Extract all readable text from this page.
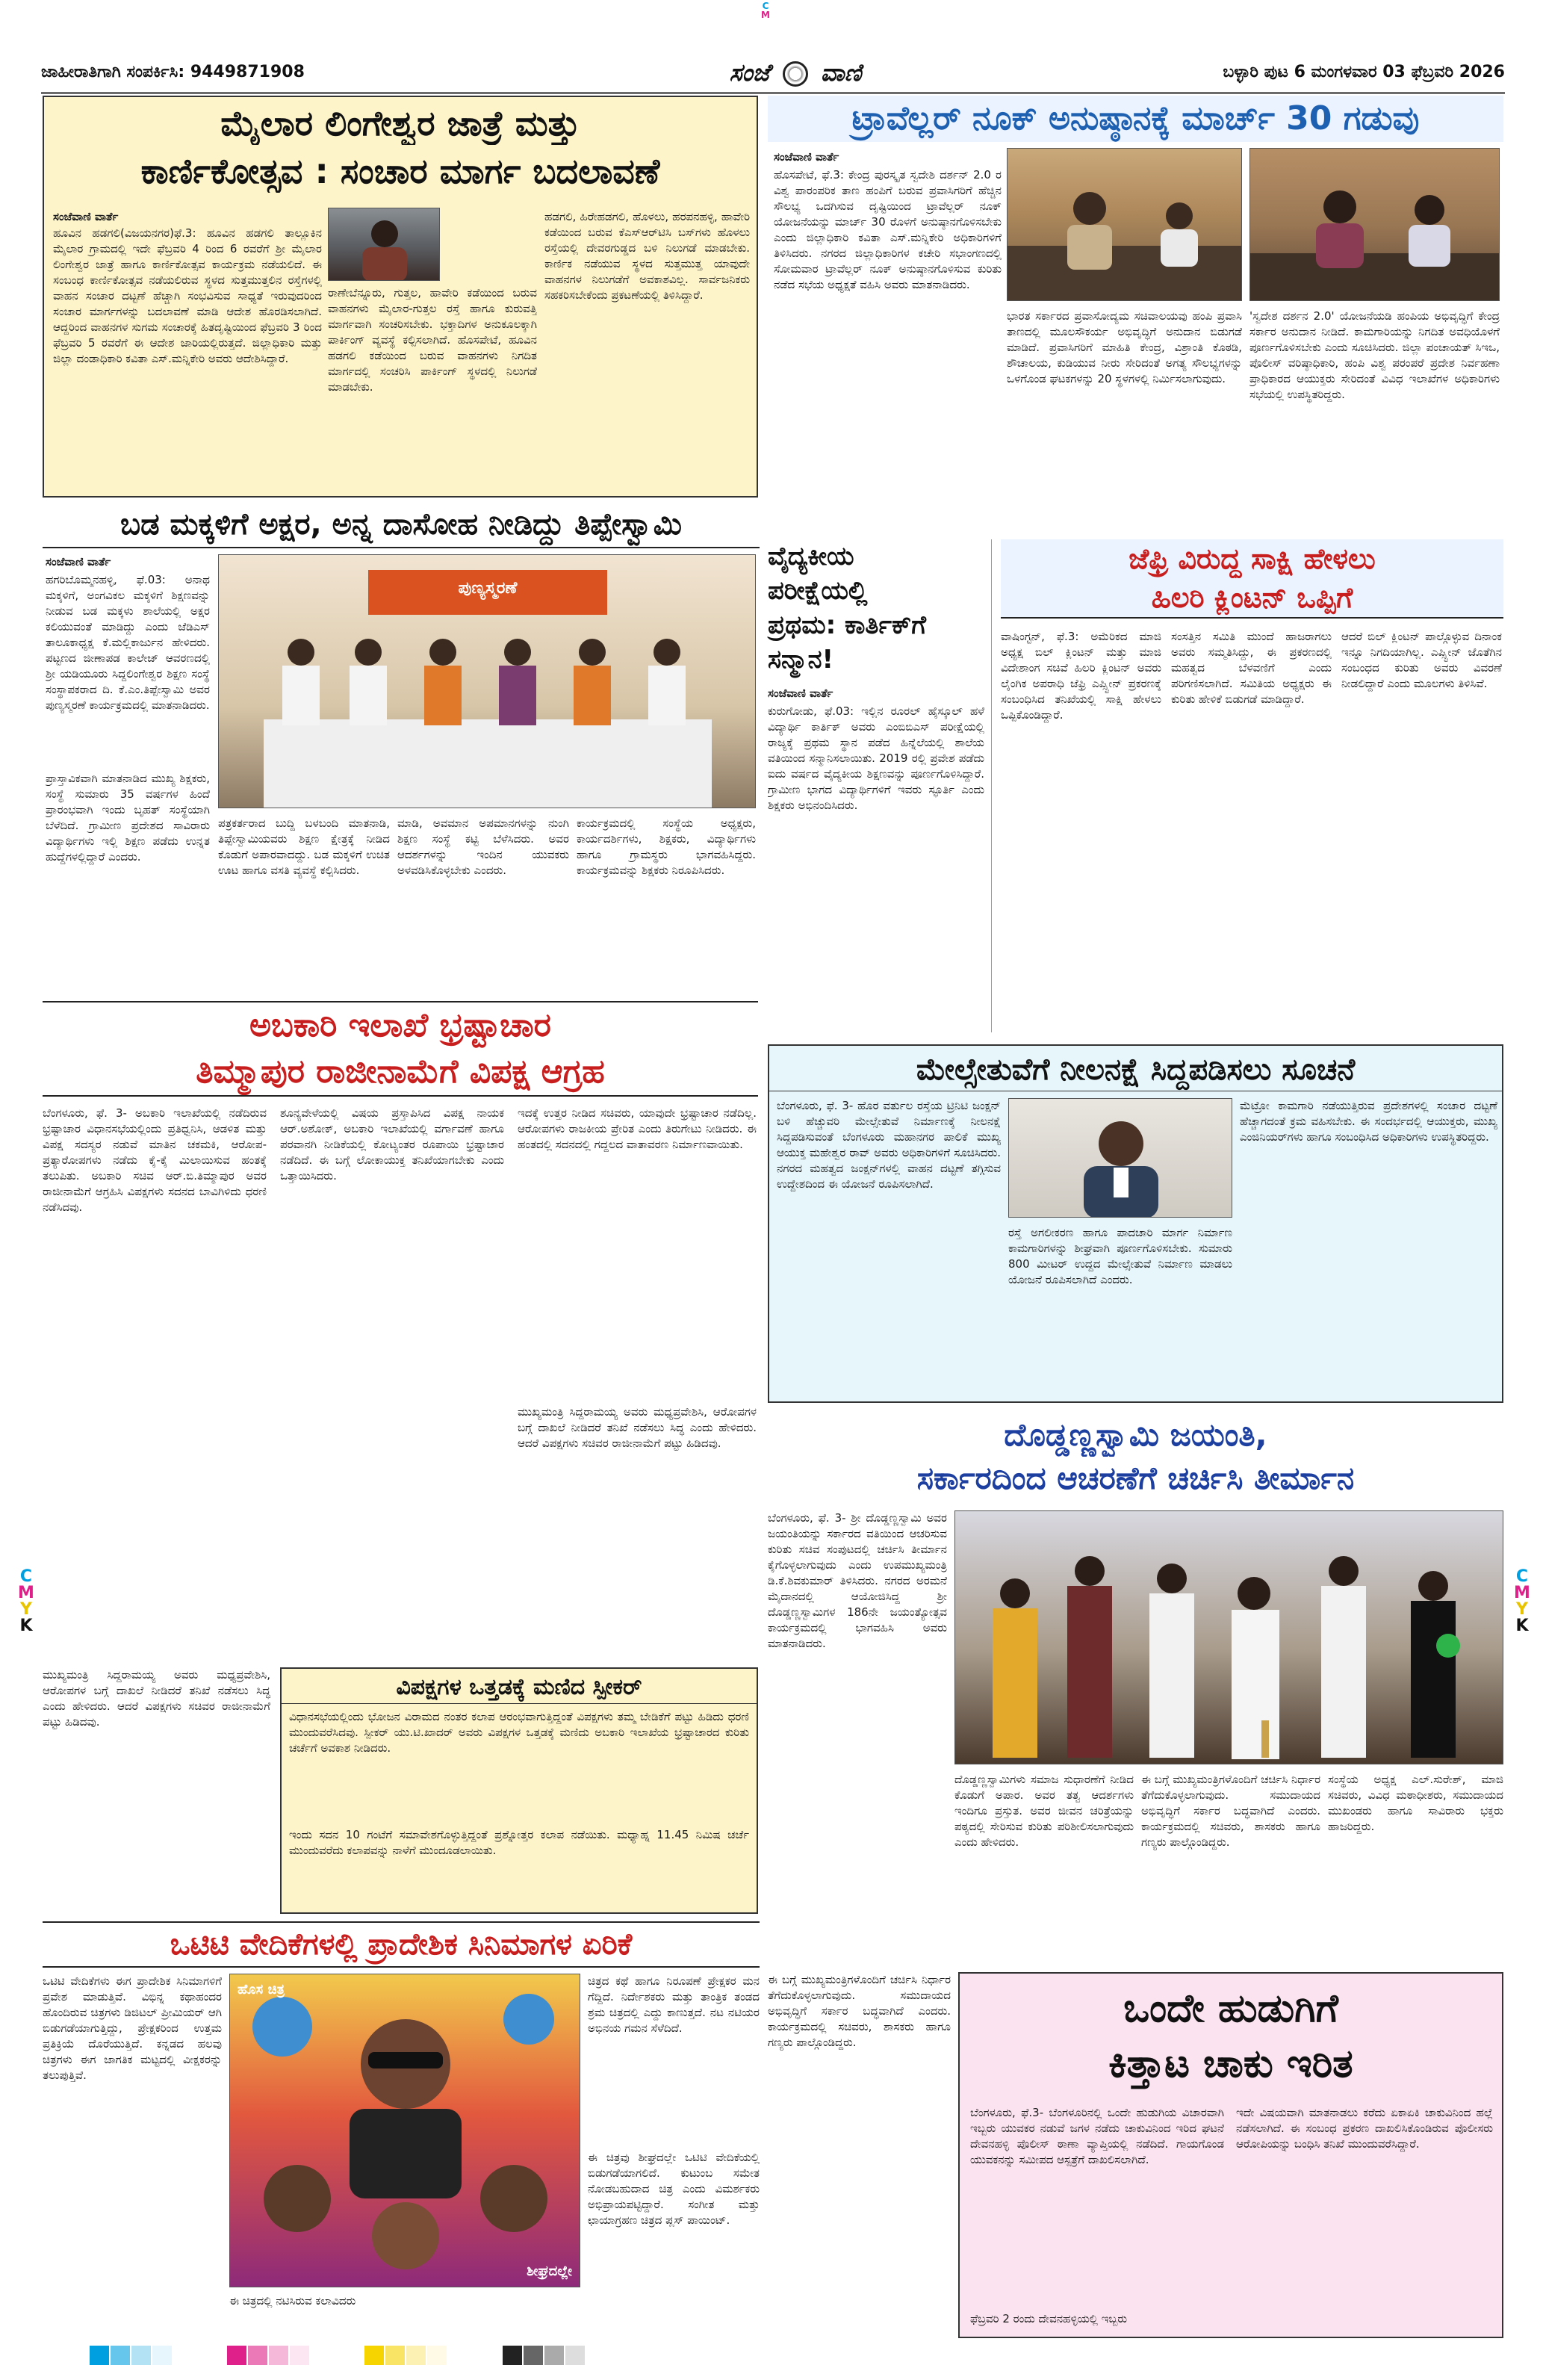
C
M
C
M
Y
K
C
M
Y
K
ಜಾಹೀರಾತಿಗಾಗಿ ಸಂಪರ್ಕಿಸಿ: 9449871908	ಸಂಜೆ ವಾಣಿ	ಬಳ್ಳಾರಿ ಪುಟ 6 ಮಂಗಳವಾರ 03 ಫೆಬ್ರವರಿ 2026
ಮೈಲಾರ ಲಿಂಗೇಶ್ವರ ಜಾತ್ರೆ ಮತ್ತು
ಕಾರ್ಣಿಕೋತ್ಸವ : ಸಂಚಾರ ಮಾರ್ಗ ಬದಲಾವಣೆ
ಸಂಜೆವಾಣಿ ವಾರ್ತೆ
ಹೂವಿನ ಹಡಗಲಿ(ವಿಜಯನಗರ)ಫೆ.3: ಹೂವಿನ ಹಡಗಲಿ ತಾಲ್ಲೂಕಿನ ಮೈಲಾರ ಗ್ರಾಮದಲ್ಲಿ ಇದೇ ಫೆಬ್ರವರಿ 4 ರಿಂದ 6 ರವರೆಗೆ ಶ್ರೀ ಮೈಲಾರ ಲಿಂಗೇಶ್ವರ ಜಾತ್ರೆ ಹಾಗೂ ಕಾರ್ಣಿಕೋತ್ಸವ ಕಾರ್ಯಕ್ರಮ ನಡೆಯಲಿದೆ. ಈ ಸಂಬಂಧ ಕಾರ್ಣಿಕೋತ್ಸವ ನಡೆಯಲಿರುವ ಸ್ಥಳದ ಸುತ್ತಮುತ್ತಲಿನ ರಸ್ತೆಗಳಲ್ಲಿ ವಾಹನ ಸಂಚಾರ ದಟ್ಟಣೆ ಹೆಚ್ಚಾಗಿ ಸಂಭವಿಸುವ ಸಾಧ್ಯತೆ ಇರುವುದರಿಂದ ಸಂಚಾರ ಮಾರ್ಗಗಳನ್ನು ಬದಲಾವಣೆ ಮಾಡಿ ಆದೇಶ ಹೊರಡಿಸಲಾಗಿದೆ. ಆದ್ದರಿಂದ ವಾಹನಗಳ ಸುಗಮ ಸಂಚಾರಕ್ಕೆ ಹಿತದೃಷ್ಟಿಯಿಂದ ಫೆಬ್ರವರಿ 3 ರಿಂದ ಫೆಬ್ರವರಿ 5 ರವರೆಗೆ ಈ ಆದೇಶ ಜಾರಿಯಲ್ಲಿರುತ್ತದೆ. ಜಿಲ್ಲಾಧಿಕಾರಿ ಮತ್ತು ಜಿಲ್ಲಾ ದಂಡಾಧಿಕಾರಿ ಕವಿತಾ ಎಸ್.ಮನ್ನಿಕೇರಿ ಅವರು ಆದೇಶಿಸಿದ್ದಾರೆ.
ರಾಣೇಬೆನ್ನೂರು, ಗುತ್ತಲ, ಹಾವೇರಿ ಕಡೆಯಿಂದ ಬರುವ ವಾಹನಗಳು ಮೈಲಾರ-ಗುತ್ತಲ ರಸ್ತೆ ಹಾಗೂ ಕುರುವತ್ತಿ ಮಾರ್ಗವಾಗಿ ಸಂಚರಿಸಬೇಕು. ಭಕ್ತಾದಿಗಳ ಅನುಕೂಲಕ್ಕಾಗಿ ಪಾರ್ಕಿಂಗ್ ವ್ಯವಸ್ಥೆ ಕಲ್ಪಿಸಲಾಗಿದೆ. ಹೊಸಪೇಟೆ, ಹೂವಿನ ಹಡಗಲಿ ಕಡೆಯಿಂದ ಬರುವ ವಾಹನಗಳು ನಿಗದಿತ ಮಾರ್ಗದಲ್ಲಿ ಸಂಚರಿಸಿ ಪಾರ್ಕಿಂಗ್ ಸ್ಥಳದಲ್ಲಿ ನಿಲುಗಡೆ ಮಾಡಬೇಕು.
ಹಡಗಲಿ, ಹಿರೇಹಡಗಲಿ, ಹೊಳಲು, ಹರಪನಹಳ್ಳಿ, ಹಾವೇರಿ ಕಡೆಯಿಂದ ಬರುವ ಕೆಎಸ್ಆರ್‌ಟಿಸಿ ಬಸ್‌ಗಳು ಹೊಳಲು ರಸ್ತೆಯಲ್ಲಿ ದೇವರಗುಡ್ಡದ ಬಳಿ ನಿಲುಗಡೆ ಮಾಡಬೇಕು. ಕಾರ್ಣಿಕ ನಡೆಯುವ ಸ್ಥಳದ ಸುತ್ತಮುತ್ತ ಯಾವುದೇ ವಾಹನಗಳ ನಿಲುಗಡೆಗೆ ಅವಕಾಶವಿಲ್ಲ. ಸಾರ್ವಜನಿಕರು ಸಹಕರಿಸಬೇಕೆಂದು ಪ್ರಕಟಣೆಯಲ್ಲಿ ತಿಳಿಸಿದ್ದಾರೆ.
ಟ್ರಾವೆಲ್ಲರ್ ನೂಕ್ ಅನುಷ್ಠಾನಕ್ಕೆ ಮಾರ್ಚ್ 30 ಗಡುವು
ಸಂಜೆವಾಣಿ ವಾರ್ತೆ
ಹೊಸಪೇಟೆ, ಫೆ.3: ಕೇಂದ್ರ ಪುರಸ್ಕೃತ ಸ್ವದೇಶಿ ದರ್ಶನ್ 2.0 ರ ವಿಶ್ವ ಪಾರಂಪರಿಕ ತಾಣ ಹಂಪಿಗೆ ಬರುವ ಪ್ರವಾಸಿಗರಿಗೆ ಹೆಚ್ಚಿನ ಸೌಲಭ್ಯ ಒದಗಿಸುವ ದೃಷ್ಟಿಯಿಂದ ಟ್ರಾವೆಲ್ಲರ್ ನೂಕ್ ಯೋಜನೆಯನ್ನು ಮಾರ್ಚ್ 30 ರೊಳಗೆ ಅನುಷ್ಠಾನಗೊಳಿಸಬೇಕು ಎಂದು ಜಿಲ್ಲಾಧಿಕಾರಿ ಕವಿತಾ ಎಸ್.ಮನ್ನಿಕೇರಿ ಅಧಿಕಾರಿಗಳಿಗೆ ತಿಳಿಸಿದರು. ನಗರದ ಜಿಲ್ಲಾಧಿಕಾರಿಗಳ ಕಚೇರಿ ಸಭಾಂಗಣದಲ್ಲಿ ಸೋಮವಾರ ಟ್ರಾವೆಲ್ಲರ್ ನೂಕ್ ಅನುಷ್ಠಾನಗೊಳಿಸುವ ಕುರಿತು ನಡೆದ ಸಭೆಯ ಅಧ್ಯಕ್ಷತೆ ವಹಿಸಿ ಅವರು ಮಾತನಾಡಿದರು.
ಭಾರತ ಸರ್ಕಾರದ ಪ್ರವಾಸೋದ್ಯಮ ಸಚಿವಾಲಯವು ಹಂಪಿ ಪ್ರವಾಸಿ ತಾಣದಲ್ಲಿ ಮೂಲಸೌಕರ್ಯ ಅಭಿವೃದ್ಧಿಗೆ ಅನುದಾನ ಬಿಡುಗಡೆ ಮಾಡಿದೆ. ಪ್ರವಾಸಿಗರಿಗೆ ಮಾಹಿತಿ ಕೇಂದ್ರ, ವಿಶ್ರಾಂತಿ ಕೊಠಡಿ, ಶೌಚಾಲಯ, ಕುಡಿಯುವ ನೀರು ಸೇರಿದಂತೆ ಅಗತ್ಯ ಸೌಲಭ್ಯಗಳನ್ನು ಒಳಗೊಂಡ ಘಟಕಗಳನ್ನು 20 ಸ್ಥಳಗಳಲ್ಲಿ ನಿರ್ಮಿಸಲಾಗುವುದು.
'ಸ್ವದೇಶ ದರ್ಶನ 2.0' ಯೋಜನೆಯಡಿ ಹಂಪಿಯ ಅಭಿವೃದ್ಧಿಗೆ ಕೇಂದ್ರ ಸರ್ಕಾರ ಅನುದಾನ ನೀಡಿದೆ. ಕಾಮಗಾರಿಯನ್ನು ನಿಗದಿತ ಅವಧಿಯೊಳಗೆ ಪೂರ್ಣಗೊಳಿಸಬೇಕು ಎಂದು ಸೂಚಿಸಿದರು. ಜಿಲ್ಲಾ ಪಂಚಾಯತ್ ಸಿಇಒ, ಪೊಲೀಸ್ ವರಿಷ್ಠಾಧಿಕಾರಿ, ಹಂಪಿ ವಿಶ್ವ ಪರಂಪರೆ ಪ್ರದೇಶ ನಿರ್ವಹಣಾ ಪ್ರಾಧಿಕಾರದ ಆಯುಕ್ತರು ಸೇರಿದಂತೆ ವಿವಿಧ ಇಲಾಖೆಗಳ ಅಧಿಕಾರಿಗಳು ಸಭೆಯಲ್ಲಿ ಉಪಸ್ಥಿತರಿದ್ದರು.
ಬಡ ಮಕ್ಕಳಿಗೆ ಅಕ್ಷರ, ಅನ್ನ ದಾಸೋಹ ನೀಡಿದ್ದು ತಿಪ್ಪೇಸ್ವಾಮಿ
ಸಂಜೆವಾಣಿ ವಾರ್ತೆ
ಹಗರಿಬೊಮ್ಮನಹಳ್ಳಿ, ಫೆ.03: ಅನಾಥ ಮಕ್ಕಳಿಗೆ, ಅಂಗವಿಕಲ ಮಕ್ಕಳಿಗೆ ಶಿಕ್ಷಣವನ್ನು ನೀಡುವ ಬಡ ಮಕ್ಕಳು ಶಾಲೆಯಲ್ಲಿ ಅಕ್ಷರ ಕಲಿಯುವಂತೆ ಮಾಡಿದ್ದು ಎಂದು ಜೆಡಿಎಸ್ ತಾಲೂಕಾಧ್ಯಕ್ಷ ಕೆ.ಮಲ್ಲಿಕಾರ್ಜುನ ಹೇಳಿದರು. ಪಟ್ಟಣದ ಜೀಣಾಪಡ ಕಾಲೇಜ್ ಆವರಣದಲ್ಲಿ ಶ್ರೀ ಯಡಿಯೂರು ಸಿದ್ದಲಿಂಗೇಶ್ವರ ಶಿಕ್ಷಣ ಸಂಸ್ಥೆ ಸಂಸ್ಥಾಪಕರಾದ ದಿ. ಕೆ.ಎಂ.ತಿಪ್ಪೇಸ್ವಾಮಿ ಅವರ ಪುಣ್ಯಸ್ಮರಣೆ ಕಾರ್ಯಕ್ರಮದಲ್ಲಿ ಮಾತನಾಡಿದರು.
ಪ್ರಾಸ್ತಾವಿಕವಾಗಿ ಮಾತನಾಡಿದ ಮುಖ್ಯ ಶಿಕ್ಷಕರು, ಸಂಸ್ಥೆ ಸುಮಾರು 35 ವರ್ಷಗಳ ಹಿಂದೆ ಪ್ರಾರಂಭವಾಗಿ ಇಂದು ಬೃಹತ್ ಸಂಸ್ಥೆಯಾಗಿ ಬೆಳೆದಿದೆ. ಗ್ರಾಮೀಣ ಪ್ರದೇಶದ ಸಾವಿರಾರು ವಿದ್ಯಾರ್ಥಿಗಳು ಇಲ್ಲಿ ಶಿಕ್ಷಣ ಪಡೆದು ಉನ್ನತ ಹುದ್ದೆಗಳಲ್ಲಿದ್ದಾರೆ ಎಂದರು.
ಪುಣ್ಯಸ್ಮರಣೆ
ಪತ್ರಕರ್ತರಾದ ಬುದ್ದಿ ಬಳಬಂದಿ ಮಾತನಾಡಿ, ತಿಪ್ಪೇಸ್ವಾಮಿಯವರು ಶಿಕ್ಷಣ ಕ್ಷೇತ್ರಕ್ಕೆ ನೀಡಿದ ಕೊಡುಗೆ ಅಪಾರವಾದದ್ದು. ಬಡ ಮಕ್ಕಳಿಗೆ ಉಚಿತ ಊಟ ಹಾಗೂ ವಸತಿ ವ್ಯವಸ್ಥೆ ಕಲ್ಪಿಸಿದರು.
ಮಾಡಿ, ಅವಮಾನ ಅಪಮಾನಗಳನ್ನು ನುಂಗಿ ಶಿಕ್ಷಣ ಸಂಸ್ಥೆ ಕಟ್ಟಿ ಬೆಳೆಸಿದರು. ಅವರ ಆದರ್ಶಗಳನ್ನು ಇಂದಿನ ಯುವಕರು ಅಳವಡಿಸಿಕೊಳ್ಳಬೇಕು ಎಂದರು.
ಕಾರ್ಯಕ್ರಮದಲ್ಲಿ ಸಂಸ್ಥೆಯ ಅಧ್ಯಕ್ಷರು, ಕಾರ್ಯದರ್ಶಿಗಳು, ಶಿಕ್ಷಕರು, ವಿದ್ಯಾರ್ಥಿಗಳು ಹಾಗೂ ಗ್ರಾಮಸ್ಥರು ಭಾಗವಹಿಸಿದ್ದರು. ಕಾರ್ಯಕ್ರಮವನ್ನು ಶಿಕ್ಷಕರು ನಿರೂಪಿಸಿದರು.
ವೈದ್ಯಕೀಯ
ಪರೀಕ್ಷೆಯಲ್ಲಿ
ಪ್ರಥಮ: ಕಾರ್ತಿಕ್‌ಗೆ
ಸನ್ಮಾನ!
ಸಂಜೆವಾಣಿ ವಾರ್ತೆ
ಕುರುಗೋಡು, ಫೆ.03: ಇಲ್ಲಿನ ರೂರಲ್ ಹೈಸ್ಕೂಲ್ ಹಳೆ ವಿದ್ಯಾರ್ಥಿ ಕಾರ್ತಿಕ್ ಅವರು ಎಂಬಿಬಿಎಸ್ ಪರೀಕ್ಷೆಯಲ್ಲಿ ರಾಜ್ಯಕ್ಕೆ ಪ್ರಥಮ ಸ್ಥಾನ ಪಡೆದ ಹಿನ್ನೆಲೆಯಲ್ಲಿ ಶಾಲೆಯ ವತಿಯಿಂದ ಸನ್ಮಾನಿಸಲಾಯಿತು. 2019 ರಲ್ಲಿ ಪ್ರವೇಶ ಪಡೆದು ಐದು ವರ್ಷದ ವೈದ್ಯಕೀಯ ಶಿಕ್ಷಣವನ್ನು ಪೂರ್ಣಗೊಳಿಸಿದ್ದಾರೆ. ಗ್ರಾಮೀಣ ಭಾಗದ ವಿದ್ಯಾರ್ಥಿಗಳಿಗೆ ಇವರು ಸ್ಫೂರ್ತಿ ಎಂದು ಶಿಕ್ಷಕರು ಅಭಿನಂದಿಸಿದರು.
ಜೆಫ್ರಿ ವಿರುದ್ಧ ಸಾಕ್ಷಿ ಹೇಳಲು
ಹಿಲರಿ ಕ್ಲಿಂಟನ್ ಒಪ್ಪಿಗೆ
ವಾಷಿಂಗ್ಟನ್, ಫೆ.3: ಅಮೆರಿಕದ ಮಾಜಿ ಅಧ್ಯಕ್ಷ ಬಿಲ್ ಕ್ಲಿಂಟನ್ ಮತ್ತು ಮಾಜಿ ವಿದೇಶಾಂಗ ಸಚಿವೆ ಹಿಲರಿ ಕ್ಲಿಂಟನ್ ಅವರು ಲೈಂಗಿಕ ಅಪರಾಧಿ ಜೆಫ್ರಿ ಎಪ್ಸ್ಟೀನ್ ಪ್ರಕರಣಕ್ಕೆ ಸಂಬಂಧಿಸಿದ ತನಿಖೆಯಲ್ಲಿ ಸಾಕ್ಷಿ ಹೇಳಲು ಒಪ್ಪಿಕೊಂಡಿದ್ದಾರೆ.
ಸಂಸತ್ತಿನ ಸಮಿತಿ ಮುಂದೆ ಹಾಜರಾಗಲು ಅವರು ಸಮ್ಮತಿಸಿದ್ದು, ಈ ಪ್ರಕರಣದಲ್ಲಿ ಮಹತ್ವದ ಬೆಳವಣಿಗೆ ಎಂದು ಪರಿಗಣಿಸಲಾಗಿದೆ. ಸಮಿತಿಯ ಅಧ್ಯಕ್ಷರು ಈ ಕುರಿತು ಹೇಳಿಕೆ ಬಿಡುಗಡೆ ಮಾಡಿದ್ದಾರೆ.
ಆದರೆ ಬಿಲ್ ಕ್ಲಿಂಟನ್ ಪಾಲ್ಗೊಳ್ಳುವ ದಿನಾಂಕ ಇನ್ನೂ ನಿಗದಿಯಾಗಿಲ್ಲ. ಎಪ್ಸ್ಟೀನ್ ಜೊತೆಗಿನ ಸಂಬಂಧದ ಕುರಿತು ಅವರು ವಿವರಣೆ ನೀಡಲಿದ್ದಾರೆ ಎಂದು ಮೂಲಗಳು ತಿಳಿಸಿವೆ.
ಅಬಕಾರಿ ಇಲಾಖೆ ಭ್ರಷ್ಟಾಚಾರ
ತಿಮ್ಮಾಪುರ ರಾಜೀನಾಮೆಗೆ ವಿಪಕ್ಷ ಆಗ್ರಹ
ಬೆಂಗಳೂರು, ಫೆ. 3- ಅಬಕಾರಿ ಇಲಾಖೆಯಲ್ಲಿ ನಡೆದಿರುವ ಭ್ರಷ್ಟಾಚಾರ ವಿಧಾನಸಭೆಯಲ್ಲಿಂದು ಪ್ರತಿಧ್ವನಿಸಿ, ಆಡಳಿತ ಮತ್ತು ವಿಪಕ್ಷ ಸದಸ್ಯರ ನಡುವೆ ಮಾತಿನ ಚಕಮಕಿ, ಆರೋಪ-ಪ್ರತ್ಯಾರೋಪಗಳು ನಡೆದು ಕೈ-ಕೈ ಮಿಲಾಯಿಸುವ ಹಂತಕ್ಕೆ ತಲುಪಿತು. ಅಬಕಾರಿ ಸಚಿವ ಆರ್.ಬಿ.ತಿಮ್ಮಾಪುರ ಅವರ ರಾಜೀನಾಮೆಗೆ ಆಗ್ರಹಿಸಿ ವಿಪಕ್ಷಗಳು ಸದನದ ಬಾವಿಗಿಳಿದು ಧರಣಿ ನಡೆಸಿದವು.
ಶೂನ್ಯವೇಳೆಯಲ್ಲಿ ವಿಷಯ ಪ್ರಸ್ತಾಪಿಸಿದ ವಿಪಕ್ಷ ನಾಯಕ ಆರ್.ಅಶೋಕ್, ಅಬಕಾರಿ ಇಲಾಖೆಯಲ್ಲಿ ವರ್ಗಾವಣೆ ಹಾಗೂ ಪರವಾನಗಿ ನೀಡಿಕೆಯಲ್ಲಿ ಕೋಟ್ಯಂತರ ರೂಪಾಯಿ ಭ್ರಷ್ಟಾಚಾರ ನಡೆದಿದೆ. ಈ ಬಗ್ಗೆ ಲೋಕಾಯುಕ್ತ ತನಿಖೆಯಾಗಬೇಕು ಎಂದು ಒತ್ತಾಯಿಸಿದರು.
ಇದಕ್ಕೆ ಉತ್ತರ ನೀಡಿದ ಸಚಿವರು, ಯಾವುದೇ ಭ್ರಷ್ಟಾಚಾರ ನಡೆದಿಲ್ಲ. ಆರೋಪಗಳು ರಾಜಕೀಯ ಪ್ರೇರಿತ ಎಂದು ತಿರುಗೇಟು ನೀಡಿದರು. ಈ ಹಂತದಲ್ಲಿ ಸದನದಲ್ಲಿ ಗದ್ದಲದ ವಾತಾವರಣ ನಿರ್ಮಾಣವಾಯಿತು.
ಮುಖ್ಯಮಂತ್ರಿ ಸಿದ್ದರಾಮಯ್ಯ ಅವರು ಮಧ್ಯಪ್ರವೇಶಿಸಿ, ಆರೋಪಗಳ ಬಗ್ಗೆ ದಾಖಲೆ ನೀಡಿದರೆ ತನಿಖೆ ನಡೆಸಲು ಸಿದ್ಧ ಎಂದು ಹೇಳಿದರು. ಆದರೆ ವಿಪಕ್ಷಗಳು ಸಚಿವರ ರಾಜೀನಾಮೆಗೆ ಪಟ್ಟು ಹಿಡಿದವು.
ವಿಪಕ್ಷಗಳ ಒತ್ತಡಕ್ಕೆ ಮಣಿದ ಸ್ಪೀಕರ್
ವಿಧಾನಸಭೆಯಲ್ಲಿಂದು ಭೋಜನ ವಿರಾಮದ ನಂತರ ಕಲಾಪ ಆರಂಭವಾಗುತ್ತಿದ್ದಂತೆ ವಿಪಕ್ಷಗಳು ತಮ್ಮ ಬೇಡಿಕೆಗೆ ಪಟ್ಟು ಹಿಡಿದು ಧರಣಿ ಮುಂದುವರೆಸಿದವು. ಸ್ಪೀಕರ್ ಯು.ಟಿ.ಖಾದರ್ ಅವರು ವಿಪಕ್ಷಗಳ ಒತ್ತಡಕ್ಕೆ ಮಣಿದು ಅಬಕಾರಿ ಇಲಾಖೆಯ ಭ್ರಷ್ಟಾಚಾರದ ಕುರಿತು ಚರ್ಚೆಗೆ ಅವಕಾಶ ನೀಡಿದರು.
ಇಂದು ಸದನ 10 ಗಂಟೆಗೆ ಸಮಾವೇಶಗೊಳ್ಳುತ್ತಿದ್ದಂತೆ ಪ್ರಶ್ನೋತ್ತರ ಕಲಾಪ ನಡೆಯಿತು. ಮಧ್ಯಾಹ್ನ 11.45 ನಿಮಿಷ ಚರ್ಚೆ ಮುಂದುವರೆದು ಕಲಾಪವನ್ನು ನಾಳೆಗೆ ಮುಂದೂಡಲಾಯಿತು.
ಮುಖ್ಯಮಂತ್ರಿ ಸಿದ್ದರಾಮಯ್ಯ ಅವರು ಮಧ್ಯಪ್ರವೇಶಿಸಿ, ಆರೋಪಗಳ ಬಗ್ಗೆ ದಾಖಲೆ ನೀಡಿದರೆ ತನಿಖೆ ನಡೆಸಲು ಸಿದ್ಧ ಎಂದು ಹೇಳಿದರು. ಆದರೆ ವಿಪಕ್ಷಗಳು ಸಚಿವರ ರಾಜೀನಾಮೆಗೆ ಪಟ್ಟು ಹಿಡಿದವು.
ಮೇಲ್ಸೇತುವೆಗೆ ನೀಲನಕ್ಷೆ ಸಿದ್ದಪಡಿಸಲು ಸೂಚನೆ
ಬೆಂಗಳೂರು, ಫೆ. 3- ಹೊರ ವರ್ತುಲ ರಸ್ತೆಯ ಟ್ರಿನಿಟಿ ಜಂಕ್ಷನ್ ಬಳಿ ಹೆಚ್ಚುವರಿ ಮೇಲ್ಸೇತುವೆ ನಿರ್ಮಾಣಕ್ಕೆ ನೀಲನಕ್ಷೆ ಸಿದ್ದಪಡಿಸುವಂತೆ ಬೆಂಗಳೂರು ಮಹಾನಗರ ಪಾಲಿಕೆ ಮುಖ್ಯ ಆಯುಕ್ತ ಮಹೇಶ್ವರ ರಾವ್ ಅವರು ಅಧಿಕಾರಿಗಳಿಗೆ ಸೂಚಿಸಿದರು. ನಗರದ ಮಹತ್ವದ ಜಂಕ್ಷನ್‌ಗಳಲ್ಲಿ ವಾಹನ ದಟ್ಟಣೆ ತಗ್ಗಿಸುವ ಉದ್ದೇಶದಿಂದ ಈ ಯೋಜನೆ ರೂಪಿಸಲಾಗಿದೆ.
ರಸ್ತೆ ಅಗಲೀಕರಣ ಹಾಗೂ ಪಾದಚಾರಿ ಮಾರ್ಗ ನಿರ್ಮಾಣ ಕಾಮಗಾರಿಗಳನ್ನು ಶೀಘ್ರವಾಗಿ ಪೂರ್ಣಗೊಳಿಸಬೇಕು. ಸುಮಾರು 800 ಮೀಟರ್ ಉದ್ದದ ಮೇಲ್ಸೇತುವೆ ನಿರ್ಮಾಣ ಮಾಡಲು ಯೋಜನೆ ರೂಪಿಸಲಾಗಿದೆ ಎಂದರು.
ಮೆಟ್ರೋ ಕಾಮಗಾರಿ ನಡೆಯುತ್ತಿರುವ ಪ್ರದೇಶಗಳಲ್ಲಿ ಸಂಚಾರ ದಟ್ಟಣೆ ಹೆಚ್ಚಾಗದಂತೆ ಕ್ರಮ ವಹಿಸಬೇಕು. ಈ ಸಂದರ್ಭದಲ್ಲಿ ಆಯುಕ್ತರು, ಮುಖ್ಯ ಎಂಜಿನಿಯರ್‌ಗಳು ಹಾಗೂ ಸಂಬಂಧಿಸಿದ ಅಧಿಕಾರಿಗಳು ಉಪಸ್ಥಿತರಿದ್ದರು.
ದೊಡ್ಡಣ್ಣಸ್ವಾಮಿ ಜಯಂತಿ,
ಸರ್ಕಾರದಿಂದ ಆಚರಣೆಗೆ ಚರ್ಚಿಸಿ ತೀರ್ಮಾನ
ಬೆಂಗಳೂರು, ಫೆ. 3- ಶ್ರೀ ದೊಡ್ಡಣ್ಣಸ್ವಾಮಿ ಅವರ ಜಯಂತಿಯನ್ನು ಸರ್ಕಾರದ ವತಿಯಿಂದ ಆಚರಿಸುವ ಕುರಿತು ಸಚಿವ ಸಂಪುಟದಲ್ಲಿ ಚರ್ಚಿಸಿ ತೀರ್ಮಾನ ಕೈಗೊಳ್ಳಲಾಗುವುದು ಎಂದು ಉಪಮುಖ್ಯಮಂತ್ರಿ ಡಿ.ಕೆ.ಶಿವಕುಮಾರ್ ತಿಳಿಸಿದರು. ನಗರದ ಅರಮನೆ ಮೈದಾನದಲ್ಲಿ ಆಯೋಜಿಸಿದ್ದ ಶ್ರೀ ದೊಡ್ಡಣ್ಣಸ್ವಾಮಿಗಳ 186ನೇ ಜಯಂತ್ಯೋತ್ಸವ ಕಾರ್ಯಕ್ರಮದಲ್ಲಿ ಭಾಗವಹಿಸಿ ಅವರು ಮಾತನಾಡಿದರು.
ದೊಡ್ಡಣ್ಣಸ್ವಾಮಿಗಳು ಸಮಾಜ ಸುಧಾರಣೆಗೆ ನೀಡಿದ ಕೊಡುಗೆ ಅಪಾರ. ಅವರ ತತ್ವ ಆದರ್ಶಗಳು ಇಂದಿಗೂ ಪ್ರಸ್ತುತ. ಅವರ ಜೀವನ ಚರಿತ್ರೆಯನ್ನು ಪಠ್ಯದಲ್ಲಿ ಸೇರಿಸುವ ಕುರಿತು ಪರಿಶೀಲಿಸಲಾಗುವುದು ಎಂದು ಹೇಳಿದರು.
ಈ ಬಗ್ಗೆ ಮುಖ್ಯಮಂತ್ರಿಗಳೊಂದಿಗೆ ಚರ್ಚಿಸಿ ನಿರ್ಧಾರ ತೆಗೆದುಕೊಳ್ಳಲಾಗುವುದು. ಸಮುದಾಯದ ಅಭಿವೃದ್ಧಿಗೆ ಸರ್ಕಾರ ಬದ್ಧವಾಗಿದೆ ಎಂದರು. ಕಾರ್ಯಕ್ರಮದಲ್ಲಿ ಸಚಿವರು, ಶಾಸಕರು ಹಾಗೂ ಗಣ್ಯರು ಪಾಲ್ಗೊಂಡಿದ್ದರು.
ಸಂಸ್ಥೆಯ ಅಧ್ಯಕ್ಷ ಎಲ್.ಸುರೇಶ್, ಮಾಜಿ ಸಚಿವರು, ವಿವಿಧ ಮಠಾಧೀಶರು, ಸಮುದಾಯದ ಮುಖಂಡರು ಹಾಗೂ ಸಾವಿರಾರು ಭಕ್ತರು ಹಾಜರಿದ್ದರು.
ಒಟಿಟಿ ವೇದಿಕೆಗಳಲ್ಲಿ ಪ್ರಾದೇಶಿಕ ಸಿನಿಮಾಗಳ ಏರಿಕೆ
ಒಟಿಟಿ ವೇದಿಕೆಗಳು ಈಗ ಪ್ರಾದೇಶಿಕ ಸಿನಿಮಾಗಳಿಗೆ ಪ್ರವೇಶ ಮಾಡುತ್ತಿವೆ. ವಿಭಿನ್ನ ಕಥಾಹಂದರ ಹೊಂದಿರುವ ಚಿತ್ರಗಳು ಡಿಜಿಟಲ್ ಪ್ರೀಮಿಯರ್ ಆಗಿ ಬಿಡುಗಡೆಯಾಗುತ್ತಿದ್ದು, ಪ್ರೇಕ್ಷಕರಿಂದ ಉತ್ತಮ ಪ್ರತಿಕ್ರಿಯೆ ದೊರೆಯುತ್ತಿದೆ. ಕನ್ನಡದ ಹಲವು ಚಿತ್ರಗಳು ಈಗ ಜಾಗತಿಕ ಮಟ್ಟದಲ್ಲಿ ವೀಕ್ಷಕರನ್ನು ತಲುಪುತ್ತಿವೆ.
ಹೊಸ ಚಿತ್ರ
ಶೀಘ್ರದಲ್ಲೇ
ಈ ಚಿತ್ರದಲ್ಲಿ ನಟಿಸಿರುವ ಕಲಾವಿದರು
ಚಿತ್ರದ ಕಥೆ ಹಾಗೂ ನಿರೂಪಣೆ ಪ್ರೇಕ್ಷಕರ ಮನ ಗೆದ್ದಿದೆ. ನಿರ್ದೇಶಕರು ಮತ್ತು ತಾಂತ್ರಿಕ ತಂಡದ ಶ್ರಮ ಚಿತ್ರದಲ್ಲಿ ಎದ್ದು ಕಾಣುತ್ತದೆ. ನಟ ನಟಿಯರ ಅಭಿನಯ ಗಮನ ಸೆಳೆದಿದೆ.
ಈ ಚಿತ್ರವು ಶೀಘ್ರದಲ್ಲೇ ಒಟಿಟಿ ವೇದಿಕೆಯಲ್ಲಿ ಬಿಡುಗಡೆಯಾಗಲಿದೆ. ಕುಟುಂಬ ಸಮೇತ ನೋಡಬಹುದಾದ ಚಿತ್ರ ಎಂದು ವಿಮರ್ಶಕರು ಅಭಿಪ್ರಾಯಪಟ್ಟಿದ್ದಾರೆ. ಸಂಗೀತ ಮತ್ತು ಛಾಯಾಗ್ರಹಣ ಚಿತ್ರದ ಪ್ಲಸ್ ಪಾಯಿಂಟ್.
ಒಂದೇ ಹುಡುಗಿಗೆ
ಕಿತ್ತಾಟ ಚಾಕು ಇರಿತ
ಬೆಂಗಳೂರು, ಫೆ.3- ಬೆಂಗಳೂರಿನಲ್ಲಿ ಒಂದೇ ಹುಡುಗಿಯ ವಿಚಾರವಾಗಿ ಇಬ್ಬರು ಯುವಕರ ನಡುವೆ ಜಗಳ ನಡೆದು ಚಾಕುವಿನಿಂದ ಇರಿದ ಘಟನೆ ದೇವನಹಳ್ಳಿ ಪೊಲೀಸ್ ಠಾಣಾ ವ್ಯಾಪ್ತಿಯಲ್ಲಿ ನಡೆದಿದೆ. ಗಾಯಗೊಂಡ ಯುವಕನನ್ನು ಸಮೀಪದ ಆಸ್ಪತ್ರೆಗೆ ದಾಖಲಿಸಲಾಗಿದೆ.
ಇದೇ ವಿಷಯವಾಗಿ ಮಾತನಾಡಲು ಕರೆದು ಏಕಾಏಕಿ ಚಾಕುವಿನಿಂದ ಹಲ್ಲೆ ನಡೆಸಲಾಗಿದೆ. ಈ ಸಂಬಂಧ ಪ್ರಕರಣ ದಾಖಲಿಸಿಕೊಂಡಿರುವ ಪೊಲೀಸರು ಆರೋಪಿಯನ್ನು ಬಂಧಿಸಿ ತನಿಖೆ ಮುಂದುವರೆಸಿದ್ದಾರೆ.
ಫೆಬ್ರವರಿ 2 ರಂದು ದೇವನಹಳ್ಳಿಯಲ್ಲಿ ಇಬ್ಬರು
ಈ ಬಗ್ಗೆ ಮುಖ್ಯಮಂತ್ರಿಗಳೊಂದಿಗೆ ಚರ್ಚಿಸಿ ನಿರ್ಧಾರ ತೆಗೆದುಕೊಳ್ಳಲಾಗುವುದು. ಸಮುದಾಯದ ಅಭಿವೃದ್ಧಿಗೆ ಸರ್ಕಾರ ಬದ್ಧವಾಗಿದೆ ಎಂದರು. ಕಾರ್ಯಕ್ರಮದಲ್ಲಿ ಸಚಿವರು, ಶಾಸಕರು ಹಾಗೂ ಗಣ್ಯರು ಪಾಲ್ಗೊಂಡಿದ್ದರು.
